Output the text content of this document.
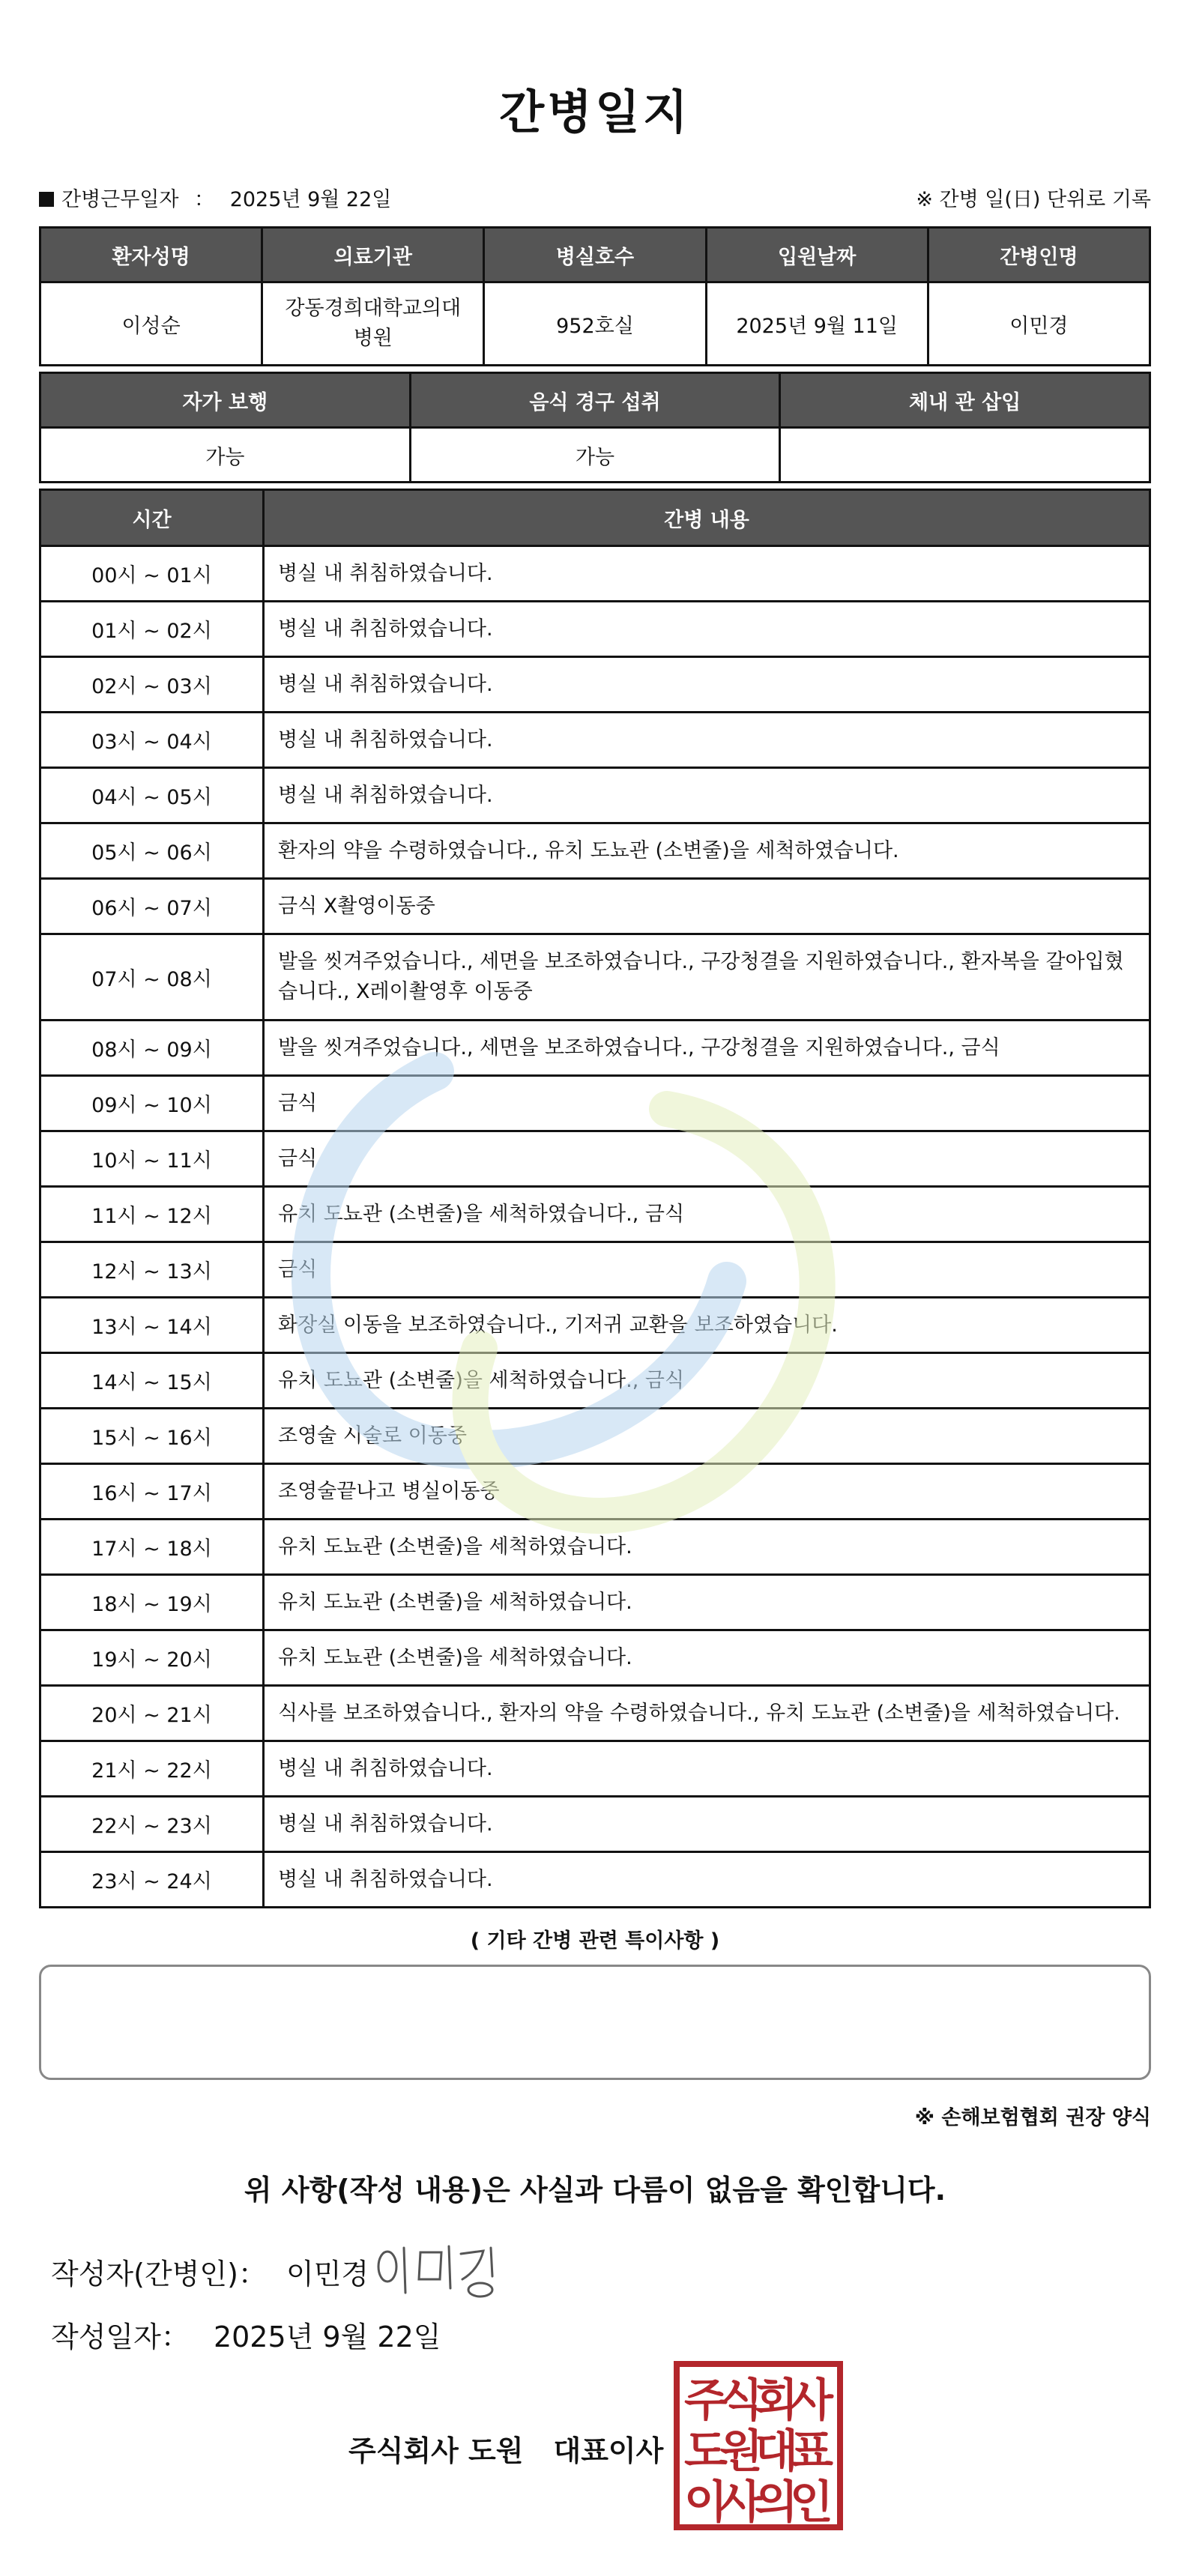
간병일지
간병근무일자 ： 2025년 9월 22일	※ 간병 일(日) 단위로 기록
환자성명	의료기관	병실호수	입원날짜	간병인명
이성순	강동경희대학교의대병원	952호실	2025년 9월 11일	이민경
자가 보행	음식 경구 섭취	체내 관 삽입
가능	가능	
시간	간병 내용
00시 ~ 01시	병실 내 취침하였습니다.
01시 ~ 02시	병실 내 취침하였습니다.
02시 ~ 03시	병실 내 취침하였습니다.
03시 ~ 04시	병실 내 취침하였습니다.
04시 ~ 05시	병실 내 취침하였습니다.
05시 ~ 06시	환자의 약을 수령하였습니다., 유치 도뇨관 (소변줄)을 세척하였습니다.
06시 ~ 07시	금식 X촬영이동중
07시 ~ 08시	발을 씻겨주었습니다., 세면을 보조하였습니다., 구강청결을 지원하였습니다., 환자복을 갈아입혔습니다., X레이촬영후 이동중
08시 ~ 09시	발을 씻겨주었습니다., 세면을 보조하였습니다., 구강청결을 지원하였습니다., 금식
09시 ~ 10시	금식
10시 ~ 11시	금식
11시 ~ 12시	유치 도뇨관 (소변줄)을 세척하였습니다., 금식
12시 ~ 13시	금식
13시 ~ 14시	화장실 이동을 보조하였습니다., 기저귀 교환을 보조하였습니다.
14시 ~ 15시	유치 도뇨관 (소변줄)을 세척하였습니다., 금식
15시 ~ 16시	조영술 시술로 이동중
16시 ~ 17시	조영술끝나고 병실이동중
17시 ~ 18시	유치 도뇨관 (소변줄)을 세척하였습니다.
18시 ~ 19시	유치 도뇨관 (소변줄)을 세척하였습니다.
19시 ~ 20시	유치 도뇨관 (소변줄)을 세척하였습니다.
20시 ~ 21시	식사를 보조하였습니다., 환자의 약을 수령하였습니다., 유치 도뇨관 (소변줄)을 세척하였습니다.
21시 ~ 22시	병실 내 취침하였습니다.
22시 ~ 23시	병실 내 취침하였습니다.
23시 ~ 24시	병실 내 취침하였습니다.
( 기타 간병 관련 특이사항 )
※ 손해보험협회 권장 양식
위 사항(작성 내용)은 사실과 다름이 없음을 확인합니다.
작성자(간병인)： 이민경
작성일자： 2025년 9월 22일
주식회사 도원 대표이사
주
식
회
사
도
원
대
표
이
사
의
인
